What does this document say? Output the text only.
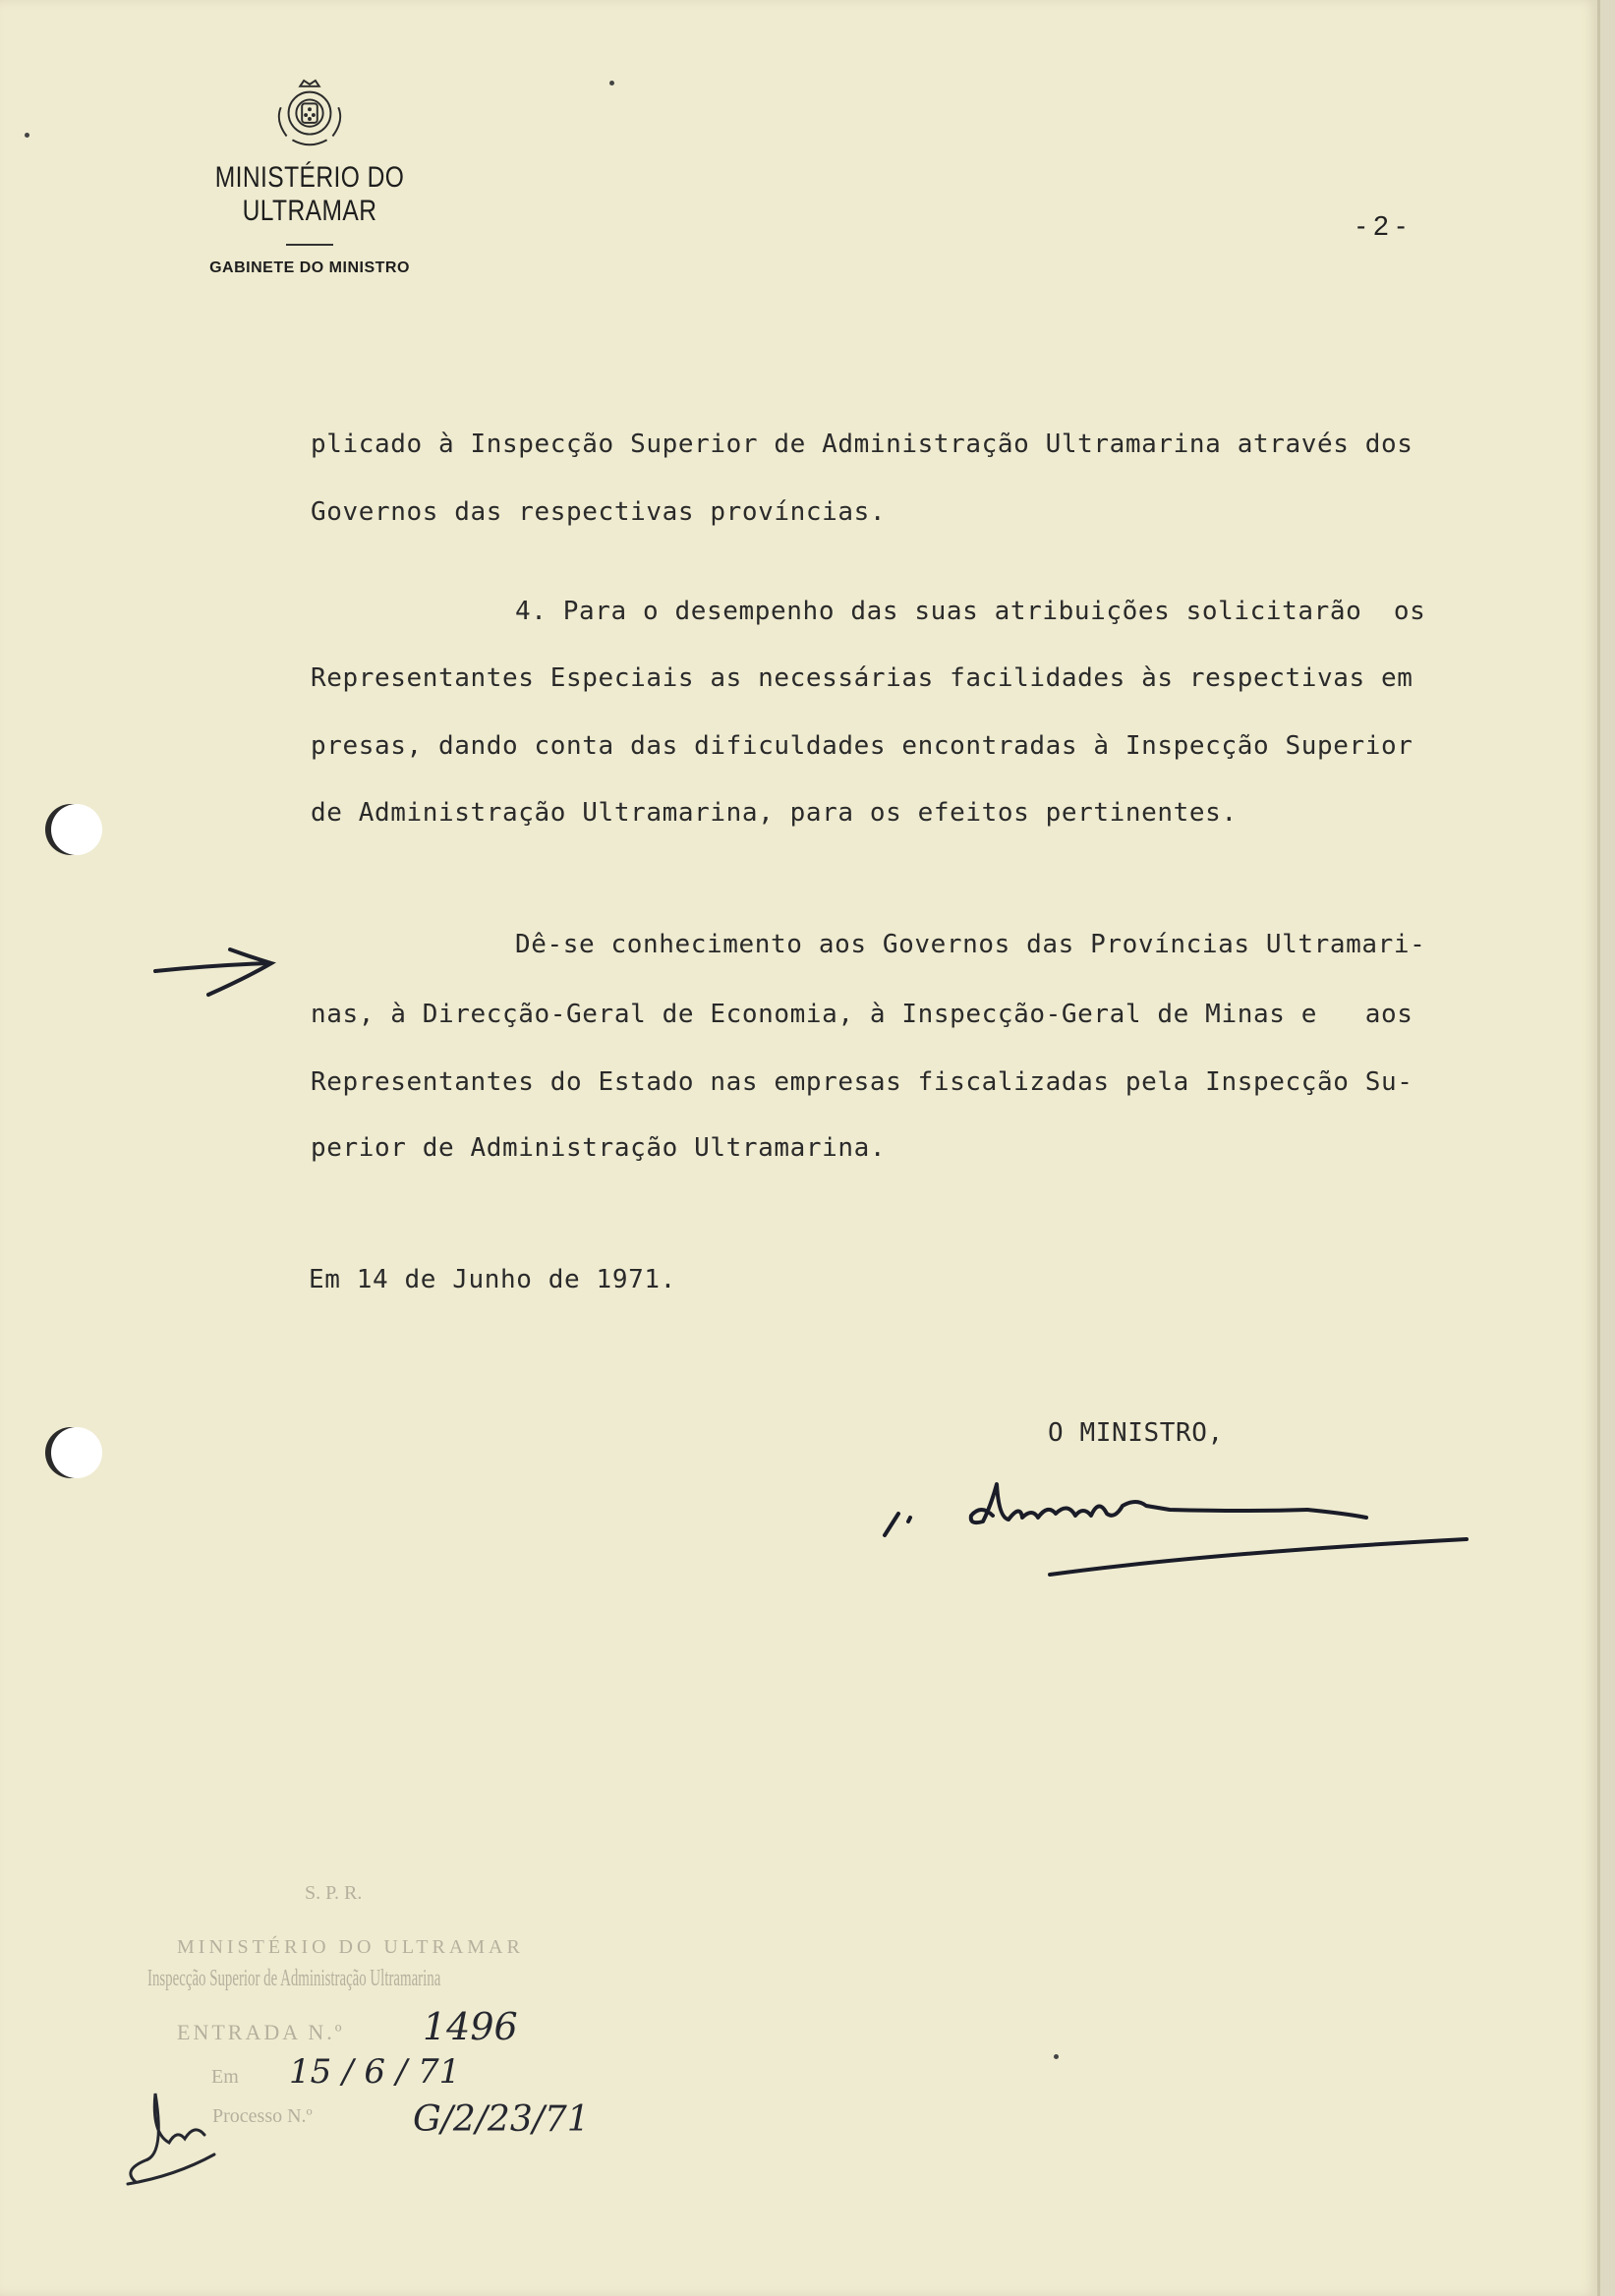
MINISTÉRIO DO ULTRAMAR
GABINETE DO MINISTRO
- 2 -
plicado à Inspecção Superior de Administração Ultramarina através dos
Governos das respectivas províncias.
4. Para o desempenho das suas atribuições solicitarão  os
Representantes Especiais as necessárias facilidades às respectivas em
presas, dando conta das dificuldades encontradas à Inspecção Superior
de Administração Ultramarina, para os efeitos pertinentes.
Dê-se conhecimento aos Governos das Províncias Ultramari-
nas, à Direcção-Geral de Economia, à Inspecção-Geral de Minas e   aos
Representantes do Estado nas empresas fiscalizadas pela Inspecção Su-
perior de Administração Ultramarina.
Em 14 de Junho de 1971.
O MINISTRO,
S. P. R.
MINISTÉRIO DO ULTRAMAR
Inspecção Superior de Administração Ultramarina
ENTRADA N.º
Em
Processo N.º
1496
15 / 6 / 71
G/2/23/71
